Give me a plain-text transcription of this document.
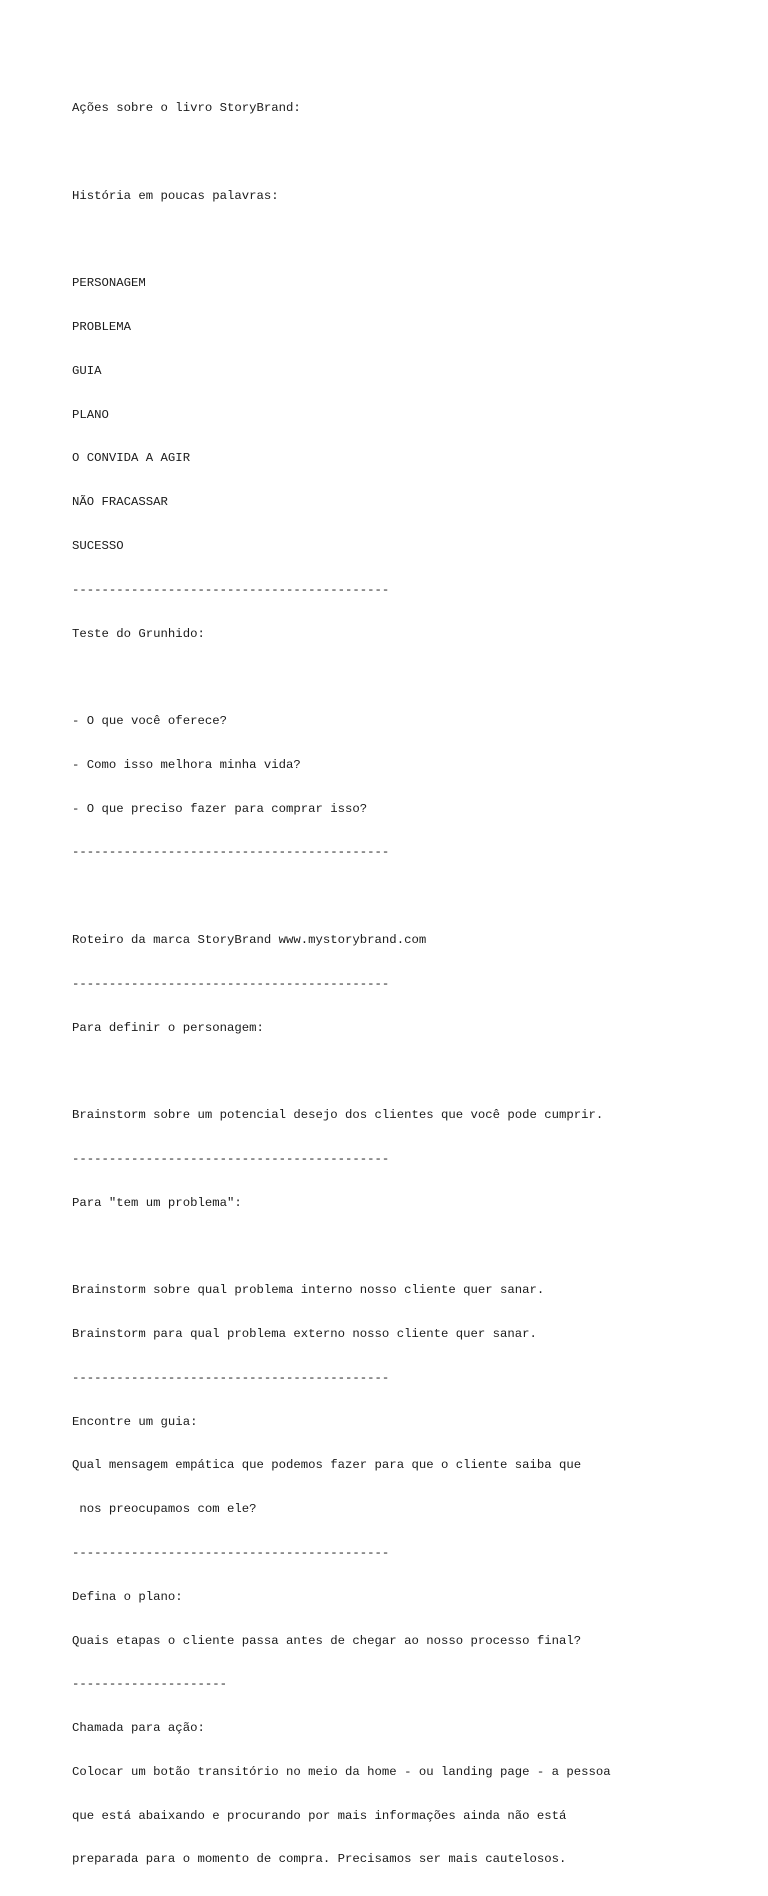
Ações sobre o livro StoryBrand:

História em poucas palavras:

PERSONAGEM

PROBLEMA

GUIA

PLANO

O CONVIDA A AGIR

NÃO FRACASSAR

SUCESSO

-------------------------------------------

Teste do Grunhido:

- O que você oferece?

- Como isso melhora minha vida?

- O que preciso fazer para comprar isso?

-------------------------------------------

Roteiro da marca StoryBrand www.mystorybrand.com

-------------------------------------------

Para definir o personagem:

Brainstorm sobre um potencial desejo dos clientes que você pode cumprir.

-------------------------------------------

Para "tem um problema":

Brainstorm sobre qual problema interno nosso cliente quer sanar.

Brainstorm para qual problema externo nosso cliente quer sanar.

-------------------------------------------

Encontre um guia:

Qual mensagem empática que podemos fazer para que o cliente saiba que

nos preocupamos com ele?

-------------------------------------------

Defina o plano:

Quais etapas o cliente passa antes de chegar ao nosso processo final?

---------------------

Chamada para ação:

Colocar um botão transitório no meio da home - ou landing page - a pessoa

que está abaixando e procurando por mais informações ainda não está

preparada para o momento de compra. Precisamos ser mais cautelosos.
